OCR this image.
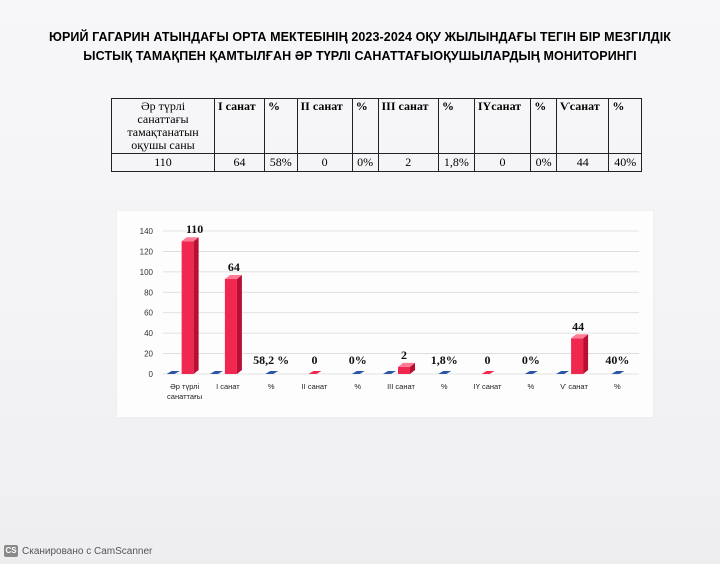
ЮРИЙ ГАГАРИН АТЫНДАҒЫ ОРТА МЕКТЕБІНІҢ 2023-2024 ОҚУ ЖЫЛЫНДАҒЫ ТЕГІН БІР МЕЗГІЛДІК
ЫСТЫҚ ТАМАҚПЕН ҚАМТЫЛҒАН ӘР ТҮРЛІ САНАТТАҒЫОҚУШЫЛАРДЫҢ МОНИТОРИНГІ
Әр түрлі санаттағы тамақтанатын оқушы саны	І санат	%	ІІ санат	%	ІІІ санат	%	ІҮсанат	%	Ѵсанат	%
110	64	58%	0	0%	2	1,8%	0	0%	44	40%
0
20
40
60
80
100
120
140	110
64
58,2 % 0	0%	2 1,8% 0	0%
44
40%
Әр түрлі
санаттағы
І санат	%	ІІ санат	%	ІІІ санат	%	ІҮ санат	%	Ѵ санат	%
CS Сканировано с CamScanner
